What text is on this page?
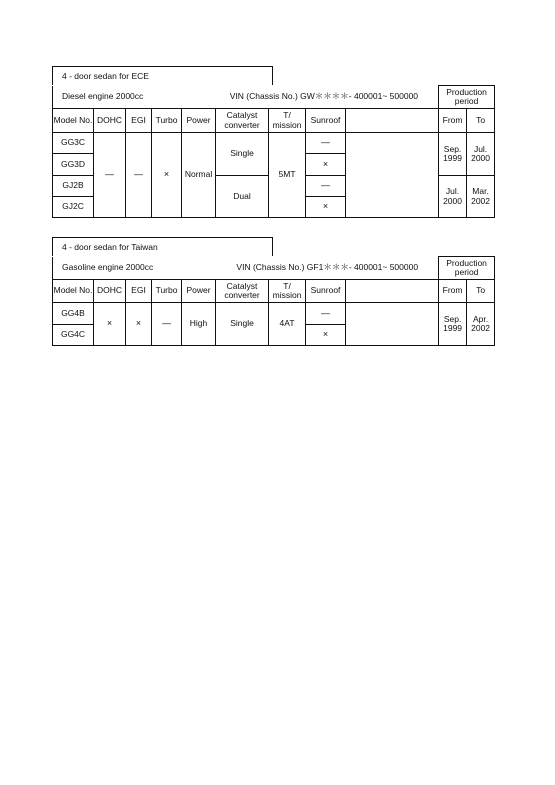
4 - door sedan for ECE
Diesel engine 2000cc				VIN (Chassis No.) GW＊＊＊＊- 400001~ 500000					Production period	
Model No.	DOHC	EGI	Turbo	Power	Catalyst converter	T/ mission	Sunroof		From	To
GG3C	—	—	×	Normal	Single	5MT	—		Sep. 1999	Jul. 2000
GG3D							×			
GJ2B					Dual		—		Jul. 2000	Mar. 2002
GJ2C							×			
4 - door sedan for Taiwan
Gasoline engine 2000cc				VIN (Chassis No.) GF1＊＊＊- 400001~ 500000					Production period	
Model No.	DOHC	EGI	Turbo	Power	Catalyst converter	T/ mission	Sunroof		From	To
GG4B	×	×	—	High	Single	4AT	—		Sep. 1999	Apr. 2002
GG4C							×			
